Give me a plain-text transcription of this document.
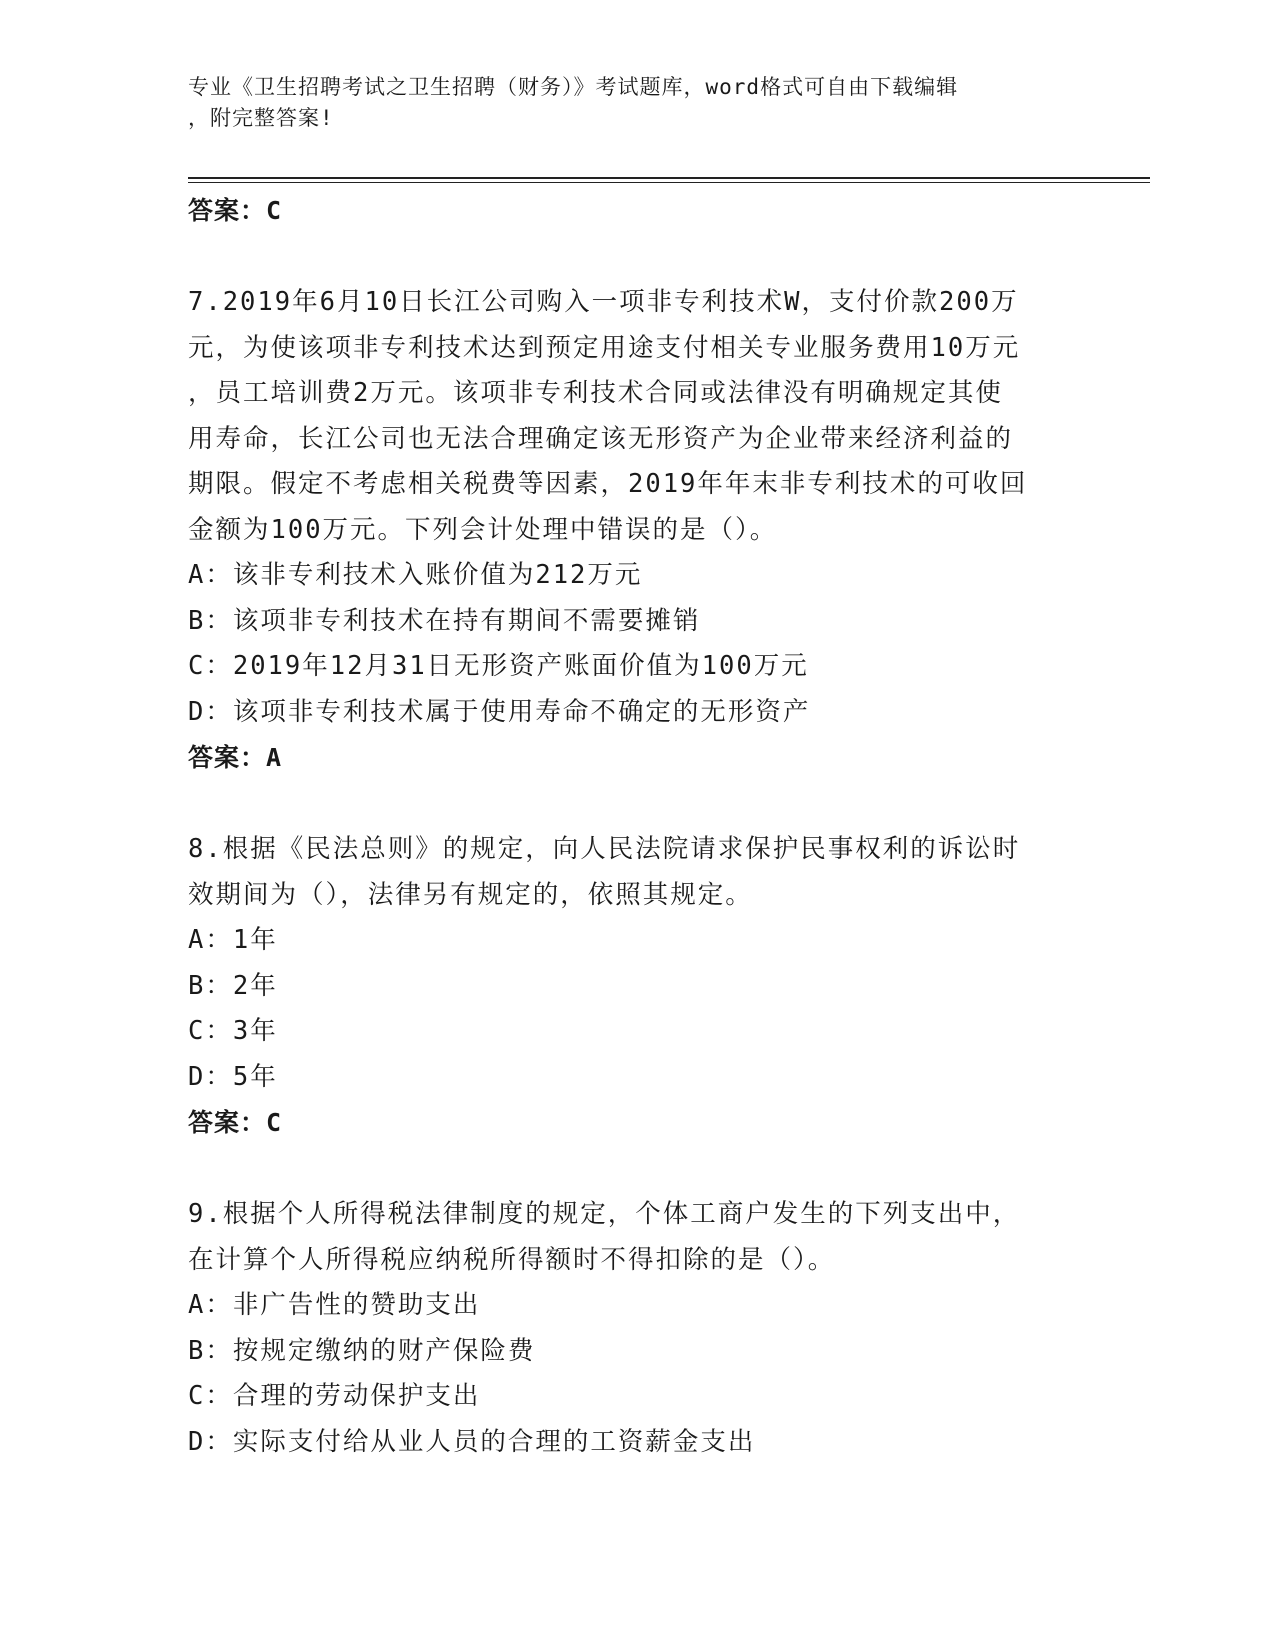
专业《卫生招聘考试之卫生招聘（财务）》考试题库，word格式可自由下载编辑
，附完整答案!
答案：C
7.2019年6月10日长江公司购入一项非专利技术W，支付价款200万
元，为使该项非专利技术达到预定用途支付相关专业服务费用10万元
，员工培训费2万元。该项非专利技术合同或法律没有明确规定其使
用寿命，长江公司也无法合理确定该无形资产为企业带来经济利益的
期限。假定不考虑相关税费等因素，2019年年末非专利技术的可收回
金额为100万元。下列会计处理中错误的是（）。
A：该非专利技术入账价值为212万元
B：该项非专利技术在持有期间不需要摊销
C：2019年12月31日无形资产账面价值为100万元
D：该项非专利技术属于使用寿命不确定的无形资产
答案：A
8.根据《民法总则》的规定，向人民法院请求保护民事权利的诉讼时
效期间为（），法律另有规定的，依照其规定。
A：1年
B：2年
C：3年
D：5年
答案：C
9.根据个人所得税法律制度的规定，个体工商户发生的下列支出中，
在计算个人所得税应纳税所得额时不得扣除的是（）。
A：非广告性的赞助支出
B：按规定缴纳的财产保险费
C：合理的劳动保护支出
D：实际支付给从业人员的合理的工资薪金支出
